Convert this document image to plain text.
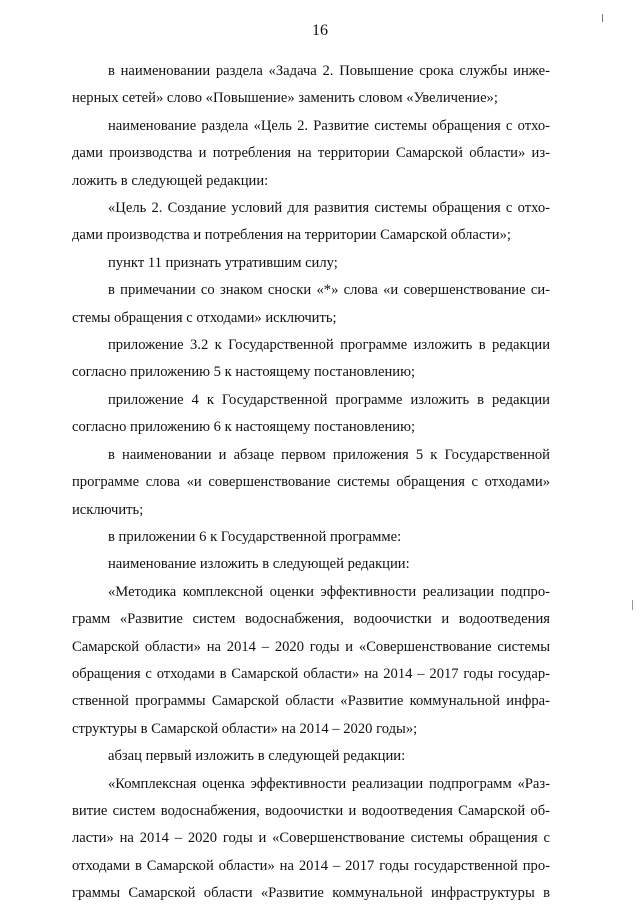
16
в наименовании раздела «Задача 2. Повышение срока службы инже-
нерных сетей» слово «Повышение» заменить словом «Увеличение»;
наименование раздела «Цель 2. Развитие системы обращения с отхо-
дами производства и потребления на территории Самарской области» из-
ложить в следующей редакции:
«Цель 2. Создание условий для развития системы обращения с отхо-
дами производства и потребления на территории Самарской области»;
пункт 11 признать утратившим силу;
в примечании со знаком сноски «*» слова «и совершенствование си-
стемы обращения с отходами» исключить;
приложение 3.2 к Государственной программе изложить в редакции
согласно приложению 5 к настоящему постановлению;
приложение 4 к Государственной программе изложить в редакции
согласно приложению 6 к настоящему постановлению;
в наименовании и абзаце первом приложения 5 к Государственной
программе слова «и совершенствование системы обращения с отходами»
исключить;
в приложении 6 к Государственной программе:
наименование изложить в следующей редакции:
«Методика комплексной оценки эффективности реализации подпро-
грамм «Развитие систем водоснабжения, водоочистки и водоотведения
Самарской области» на 2014 – 2020 годы и «Совершенствование системы
обращения с отходами в Самарской области» на 2014 – 2017 годы государ-
ственной программы Самарской области «Развитие коммунальной инфра-
структуры в Самарской области» на 2014 – 2020 годы»;
абзац первый изложить в следующей редакции:
«Комплексная оценка эффективности реализации подпрограмм «Раз-
витие систем водоснабжения, водоочистки и водоотведения Самарской об-
ласти» на 2014 – 2020 годы и «Совершенствование системы обращения с
отходами в Самарской области» на 2014 – 2017 годы государственной про-
граммы Самарской области «Развитие коммунальной инфраструктуры в
